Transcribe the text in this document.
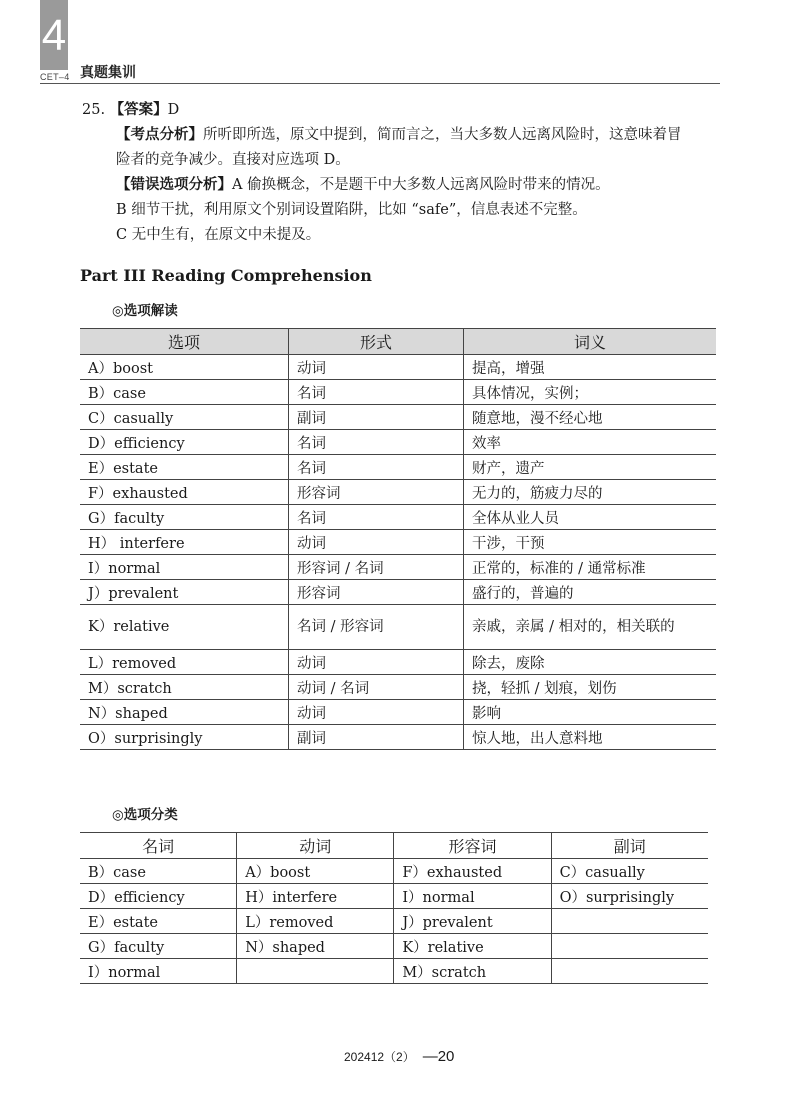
4
CET–4 真题集训

25. 【答案】D

【考点分析】所听即所选，原文中提到，简而言之，当大多数人远离风险时，这意味着冒

险者的竞争减少。直接对应选项 D。

【错误选项分析】A 偷换概念，不是题干中大多数人远离风险时带来的情况。

B 细节干扰，利用原文个别词设置陷阱，比如 “safe”，信息表述不完整。

C 无中生有，在原文中未提及。

Part III Reading Comprehension
◎选项解读
选项	形式	词义
A）boost	动词	提高，增强
B）case	名词	具体情况，实例；
C）casually	副词	随意地，漫不经心地
D）efficiency	名词	效率
E）estate	名词	财产，遗产
F）exhausted	形容词	无力的，筋疲力尽的
G）faculty	名词	全体从业人员
H） interfere	动词	干涉，干预
I）normal	形容词 / 名词	正常的，标准的 / 通常标准
J）prevalent	形容词	盛行的，普遍的
K）relative	名词 / 形容词	亲戚，亲属 / 相对的，相关联的
L）removed	动词	除去，废除
M）scratch	动词 / 名词	挠，轻抓 / 划痕，划伤
N）shaped	动词	影响
O）surprisingly	副词	惊人地，出人意料地
◎选项分类
名词	动词	形容词	副词
B）case	A）boost	F）exhausted	C）casually
D）efficiency	H）interfere	I）normal	O）surprisingly
E）estate	L）removed	J）prevalent	
G）faculty	N）shaped	K）relative	
I）normal		M）scratch	
202412（2） —20
